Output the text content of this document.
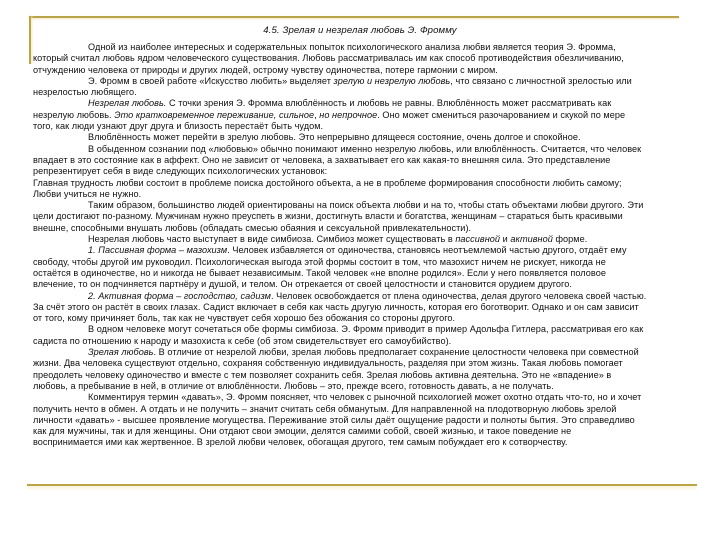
4.5. Зрелая и незрелая любовь Э. Фромму
Одной из наиболее интересных и содержательных попыток психологического анализа любви является теория Э. Фромма,
который считал любовь ядром человеческого существования. Любовь рассматривалась им как способ противодействия обезличиванию,
отчуждению человека от природы и других людей, острому чувству одиночества, потере гармонии с миром.
Э. Фромм в своей работе «Искусство любить» выделяет зрелую и незрелую любовь, что связано с личностной зрелостью или
незрелостью любящего.
Незрелая любовь. С точки зрения Э. Фромма влюблённость и любовь не равны. Влюблённость может рассматривать как
незрелую любовь. Это кратковременное переживание, сильное, но непрочное. Оно может смениться разочарованием и скукой по мере
того, как люди узнают друг друга и близость перестаёт быть чудом.
Влюблённость может перейти в зрелую любовь. Это непрерывно длящееся состояние, очень долгое и спокойное.
В обыденном сознании под «любовью» обычно понимают именно незрелую любовь, или влюблённость. Считается, что человек
впадает в это состояние как в аффект. Оно не зависит от человека, а захватывает его как какая-то внешняя сила. Это представление
репрезентирует себя в виде следующих психологических установок:
Главная трудность любви состоит в проблеме поиска достойного объекта, а не в проблеме формирования способности любить самому;
Любви учиться не нужно.
Таким образом, большинство людей ориентированы на поиск объекта любви и на то, чтобы стать объектами любви другого. Эти
цели достигают по-разному. Мужчинам нужно преуспеть в жизни, достигнуть власти и богатства, женщинам – стараться быть красивыми
внешне, способными внушать любовь (обладать смесью обаяния и сексуальной привлекательности).
Незрелая любовь часто выступает в виде симбиоза. Симбиоз может существовать в пассивной и активной форме.
1. Пассивная форма – мазохизм. Человек избавляется от одиночества, становясь неотъемлемой частью другого, отдаёт ему
свободу, чтобы другой им руководил. Психологическая выгода этой формы состоит в том, что мазохист ничем не рискует, никогда не
остаётся в одиночестве, но и никогда не бывает независимым. Такой человек «не вполне родился». Если у него появляется половое
влечение, то он подчиняется партнёру и душой, и телом. Он отрекается от своей целостности и становится орудием другого.
2. Активная форма – господство, садизм. Человек освобождается от плена одиночества, делая другого человека своей частью.
За счёт этого он растёт в своих глазах. Садист включает в себя как часть другую личность, которая его боготворит. Однако и он сам зависит
от того, кому причиняет боль, так как не чувствует себя хорошо без обожания со стороны другого.
В одном человеке могут сочетаться обе формы симбиоза. Э. Фромм приводит в пример Адольфа Гитлера, рассматривая его как
садиста по отношению к народу и мазохиста к себе (об этом свидетельствует его самоубийство).
Зрелая любовь. В отличие от незрелой любви, зрелая любовь предполагает сохранение целостности человека при совместной
жизни. Два человека существуют отдельно, сохраняя собственную индивидуальность, разделяя при этом жизнь. Такая любовь помогает
преодолеть человеку одиночество и вместе с тем позволяет сохранить себя. Зрелая любовь активна деятельна. Это не «впадение» в
любовь, а пребывание в ней, в отличие от влюблённости. Любовь – это, прежде всего, готовность давать, а не получать.
Комментируя термин «давать», Э. Фромм поясняет, что человек с рыночной психологией может охотно отдать что-то, но и хочет
получить нечто в обмен. А отдать и не получить – значит считать себя обманутым. Для направленной на плодотворную любовь зрелой
личности «давать» - высшее проявление могущества. Переживание этой силы даёт ощущение радости и полноты бытия. Это справедливо
как для мужчины, так и для женщины. Они отдают свои эмоции, делятся самими собой, своей жизнью, и такое поведение не
воспринимается ими как жертвенное. В зрелой любви человек, обогащая другого, тем самым побуждает его к сотворчеству.
